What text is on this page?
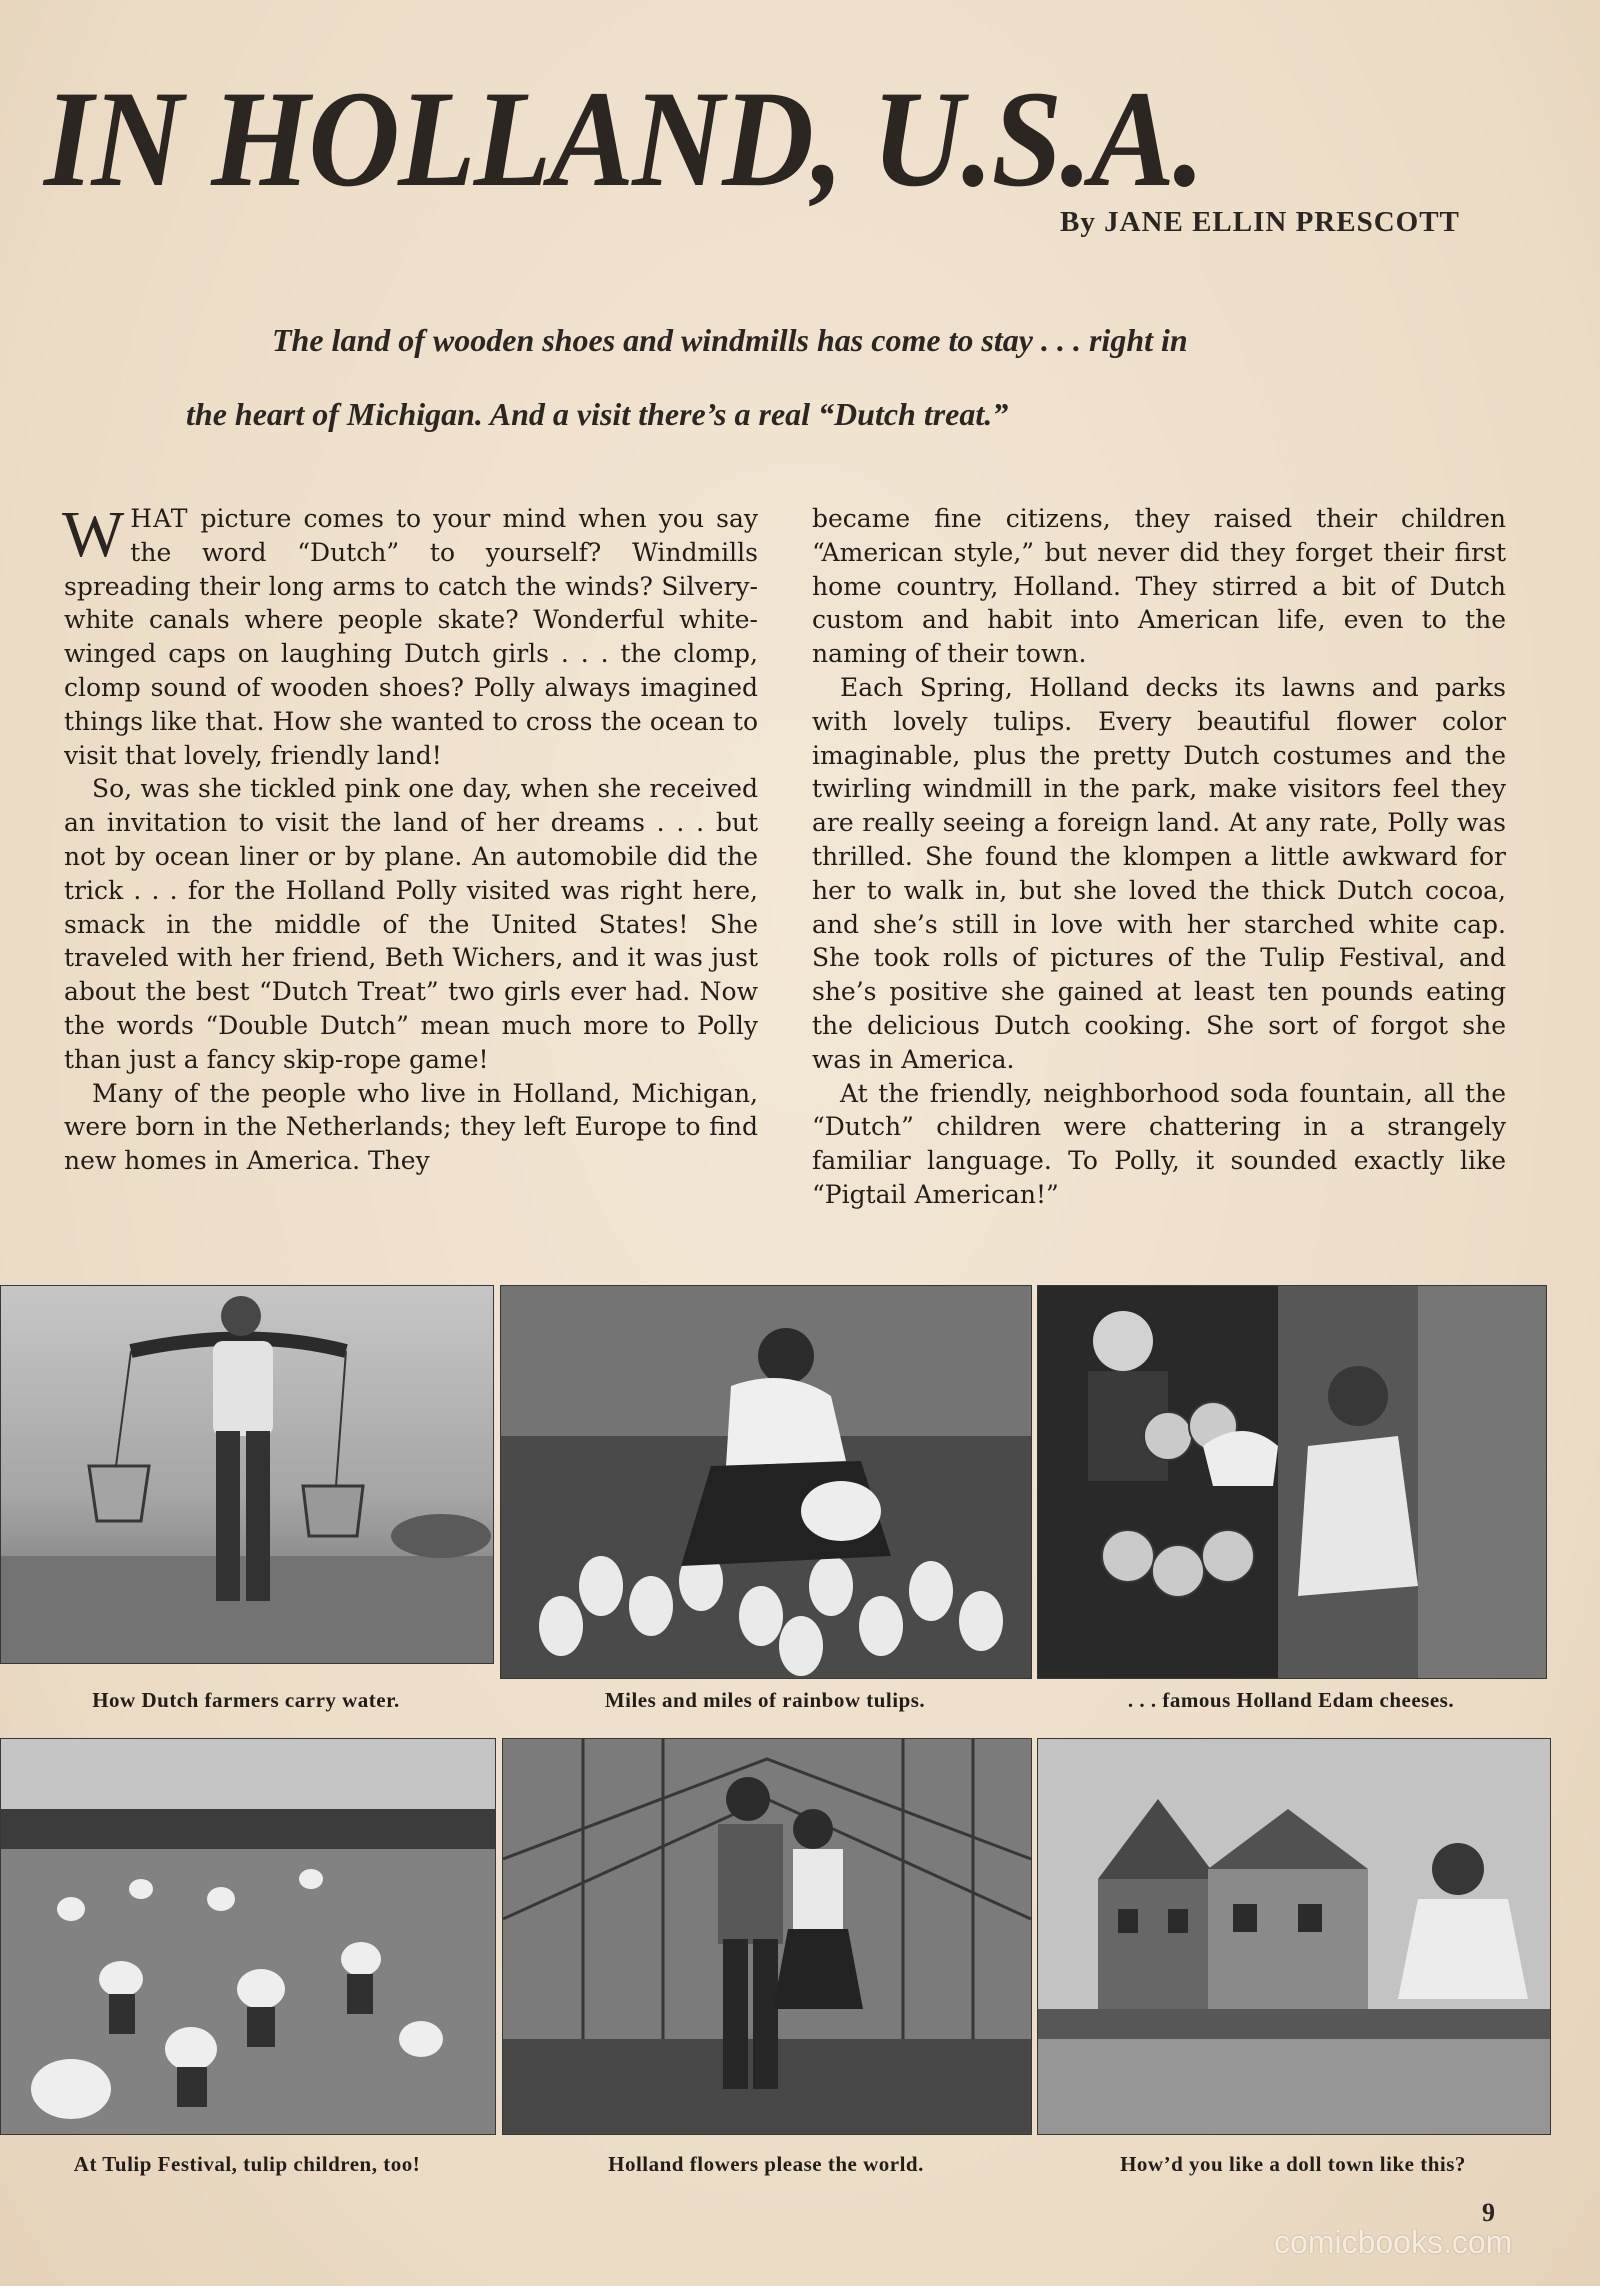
IN HOLLAND, U.S.A.
By JANE ELLIN PRESCOTT

The land of wooden shoes and windmills has come to stay . . . right in

the heart of Michigan. And a visit there’s a real “Dutch treat.”

WHAT picture comes to your mind when you say the word “Dutch” to yourself? Windmills spreading their long arms to catch the winds? Silvery-white canals where people skate? Wonderful white-winged caps on laughing Dutch girls . . . the clomp, clomp sound of wooden shoes? Polly always imagined things like that. How she wanted to cross the ocean to visit that lovely, friendly land!

So, was she tickled pink one day, when she received an invitation to visit the land of her dreams . . . but not by ocean liner or by plane. An automobile did the trick . . . for the Holland Polly visited was right here, smack in the middle of the United States! She traveled with her friend, Beth Wichers, and it was just about the best “Dutch Treat” two girls ever had. Now the words “Double Dutch” mean much more to Polly than just a fancy skip-rope game!

Many of the people who live in Holland, Michigan, were born in the Netherlands; they left Europe to find new homes in America. They

became fine citizens, they raised their children “American style,” but never did they forget their first home country, Holland. They stirred a bit of Dutch custom and habit into American life, even to the naming of their town.

Each Spring, Holland decks its lawns and parks with lovely tulips. Every beautiful flower color imaginable, plus the pretty Dutch costumes and the twirling windmill in the park, make visitors feel they are really seeing a foreign land. At any rate, Polly was thrilled. She found the klompen a little awkward for her to walk in, but she loved the thick Dutch cocoa, and she’s still in love with her starched white cap. She took rolls of pictures of the Tulip Festival, and she’s positive she gained at least ten pounds eating the delicious Dutch cooking. She sort of forgot she was in America.

At the friendly, neighborhood soda fountain, all the “Dutch” children were chattering in a strangely familiar language. To Polly, it sounded exactly like “Pigtail American!”

How Dutch farmers carry water.	Miles and miles of rainbow tulips.	. . . famous Holland Edam cheeses.

At Tulip Festival, tulip children, too!	Holland flowers please the world.	How’d you like a doll town like this?

9
comicbooks.com
